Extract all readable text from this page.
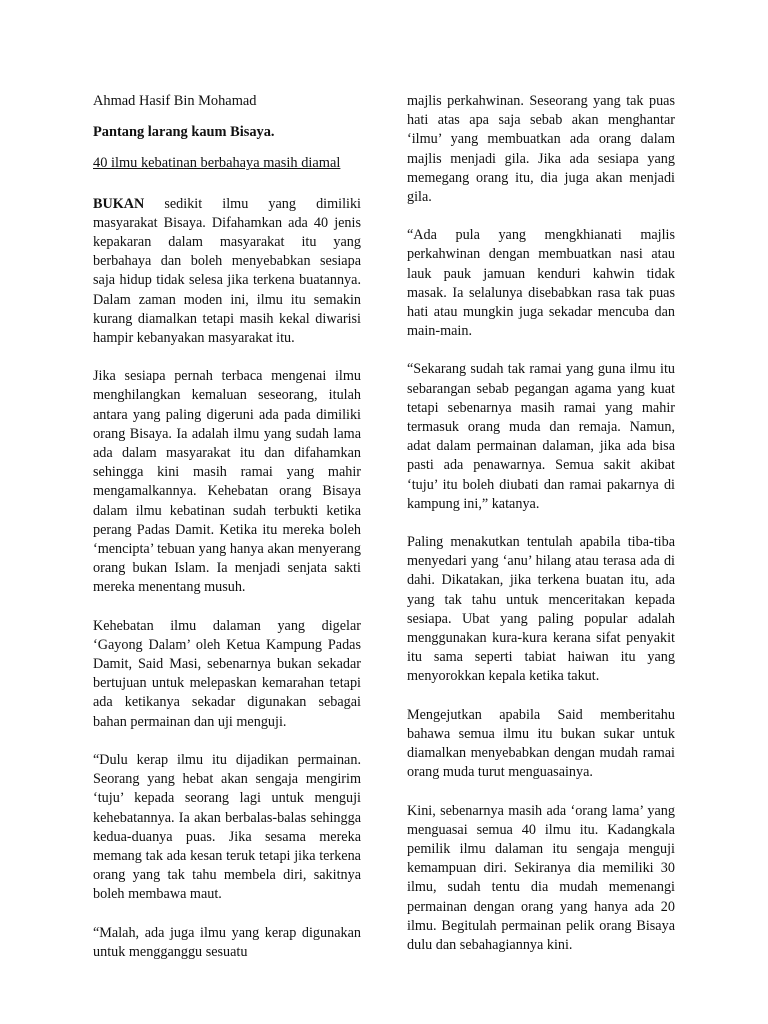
Ahmad Hasif Bin Mohamad

Pantang larang kaum Bisaya.

40 ilmu kebatinan berbahaya masih diamal

BUKAN sedikit ilmu yang dimiliki masyarakat Bisaya. Difahamkan ada 40 jenis kepakaran dalam masyarakat itu yang berbahaya dan boleh menyebabkan sesiapa saja hidup tidak selesa jika terkena buatannya. Dalam zaman moden ini, ilmu itu semakin kurang diamalkan tetapi masih kekal diwarisi hampir kebanyakan masyarakat itu.

Jika sesiapa pernah terbaca mengenai ilmu menghilangkan kemaluan seseorang, itulah antara yang paling digeruni ada pada dimiliki orang Bisaya. Ia adalah ilmu yang sudah lama ada dalam masyarakat itu dan difahamkan sehingga kini masih ramai yang mahir mengamalkannya. Kehebatan orang Bisaya dalam ilmu kebatinan sudah terbukti ketika perang Padas Damit. Ketika itu mereka boleh ‘mencipta’ tebuan yang hanya akan menyerang orang bukan Islam. Ia menjadi senjata sakti mereka menentang musuh.

Kehebatan ilmu dalaman yang digelar ‘Gayong Dalam’ oleh Ketua Kampung Padas Damit, Said Masi, sebenarnya bukan sekadar bertujuan untuk melepaskan kemarahan tetapi ada ketikanya sekadar digunakan sebagai bahan permainan dan uji menguji.

“Dulu kerap ilmu itu dijadikan permainan. Seorang yang hebat akan sengaja mengirim ‘tuju’ kepada seorang lagi untuk menguji kehebatannya. Ia akan berbalas-balas sehingga kedua-duanya puas. Jika sesama mereka memang tak ada kesan teruk tetapi jika terkena orang yang tak tahu membela diri, sakitnya boleh membawa maut.

“Malah, ada juga ilmu yang kerap digunakan untuk mengganggu sesuatu

majlis perkahwinan. Seseorang yang tak puas hati atas apa saja sebab akan menghantar ‘ilmu’ yang membuatkan ada orang dalam majlis menjadi gila. Jika ada sesiapa yang memegang orang itu, dia juga akan menjadi gila.

“Ada pula yang mengkhianati majlis perkahwinan dengan membuatkan nasi atau lauk pauk jamuan kenduri kahwin tidak masak. Ia selalunya disebabkan rasa tak puas hati atau mungkin juga sekadar mencuba dan main-main.

“Sekarang sudah tak ramai yang guna ilmu itu sebarangan sebab pegangan agama yang kuat tetapi sebenarnya masih ramai yang mahir termasuk orang muda dan remaja. Namun, adat dalam permainan dalaman, jika ada bisa pasti ada penawarnya. Semua sakit akibat ‘tuju’ itu boleh diubati dan ramai pakarnya di kampung ini,” katanya.

Paling menakutkan tentulah apabila tiba-tiba menyedari yang ‘anu’ hilang atau terasa ada di dahi. Dikatakan, jika terkena buatan itu, ada yang tak tahu untuk menceritakan kepada sesiapa. Ubat yang paling popular adalah menggunakan kura-kura kerana sifat penyakit itu sama seperti tabiat haiwan itu yang menyorokkan kepala ketika takut.

Mengejutkan apabila Said memberitahu bahawa semua ilmu itu bukan sukar untuk diamalkan menyebabkan dengan mudah ramai orang muda turut menguasainya.

Kini, sebenarnya masih ada ‘orang lama’ yang menguasai semua 40 ilmu itu. Kadangkala pemilik ilmu dalaman itu sengaja menguji kemampuan diri. Sekiranya dia memiliki 30 ilmu, sudah tentu dia mudah memenangi permainan dengan orang yang hanya ada 20 ilmu. Begitulah permainan pelik orang Bisaya dulu dan sebahagiannya kini.
